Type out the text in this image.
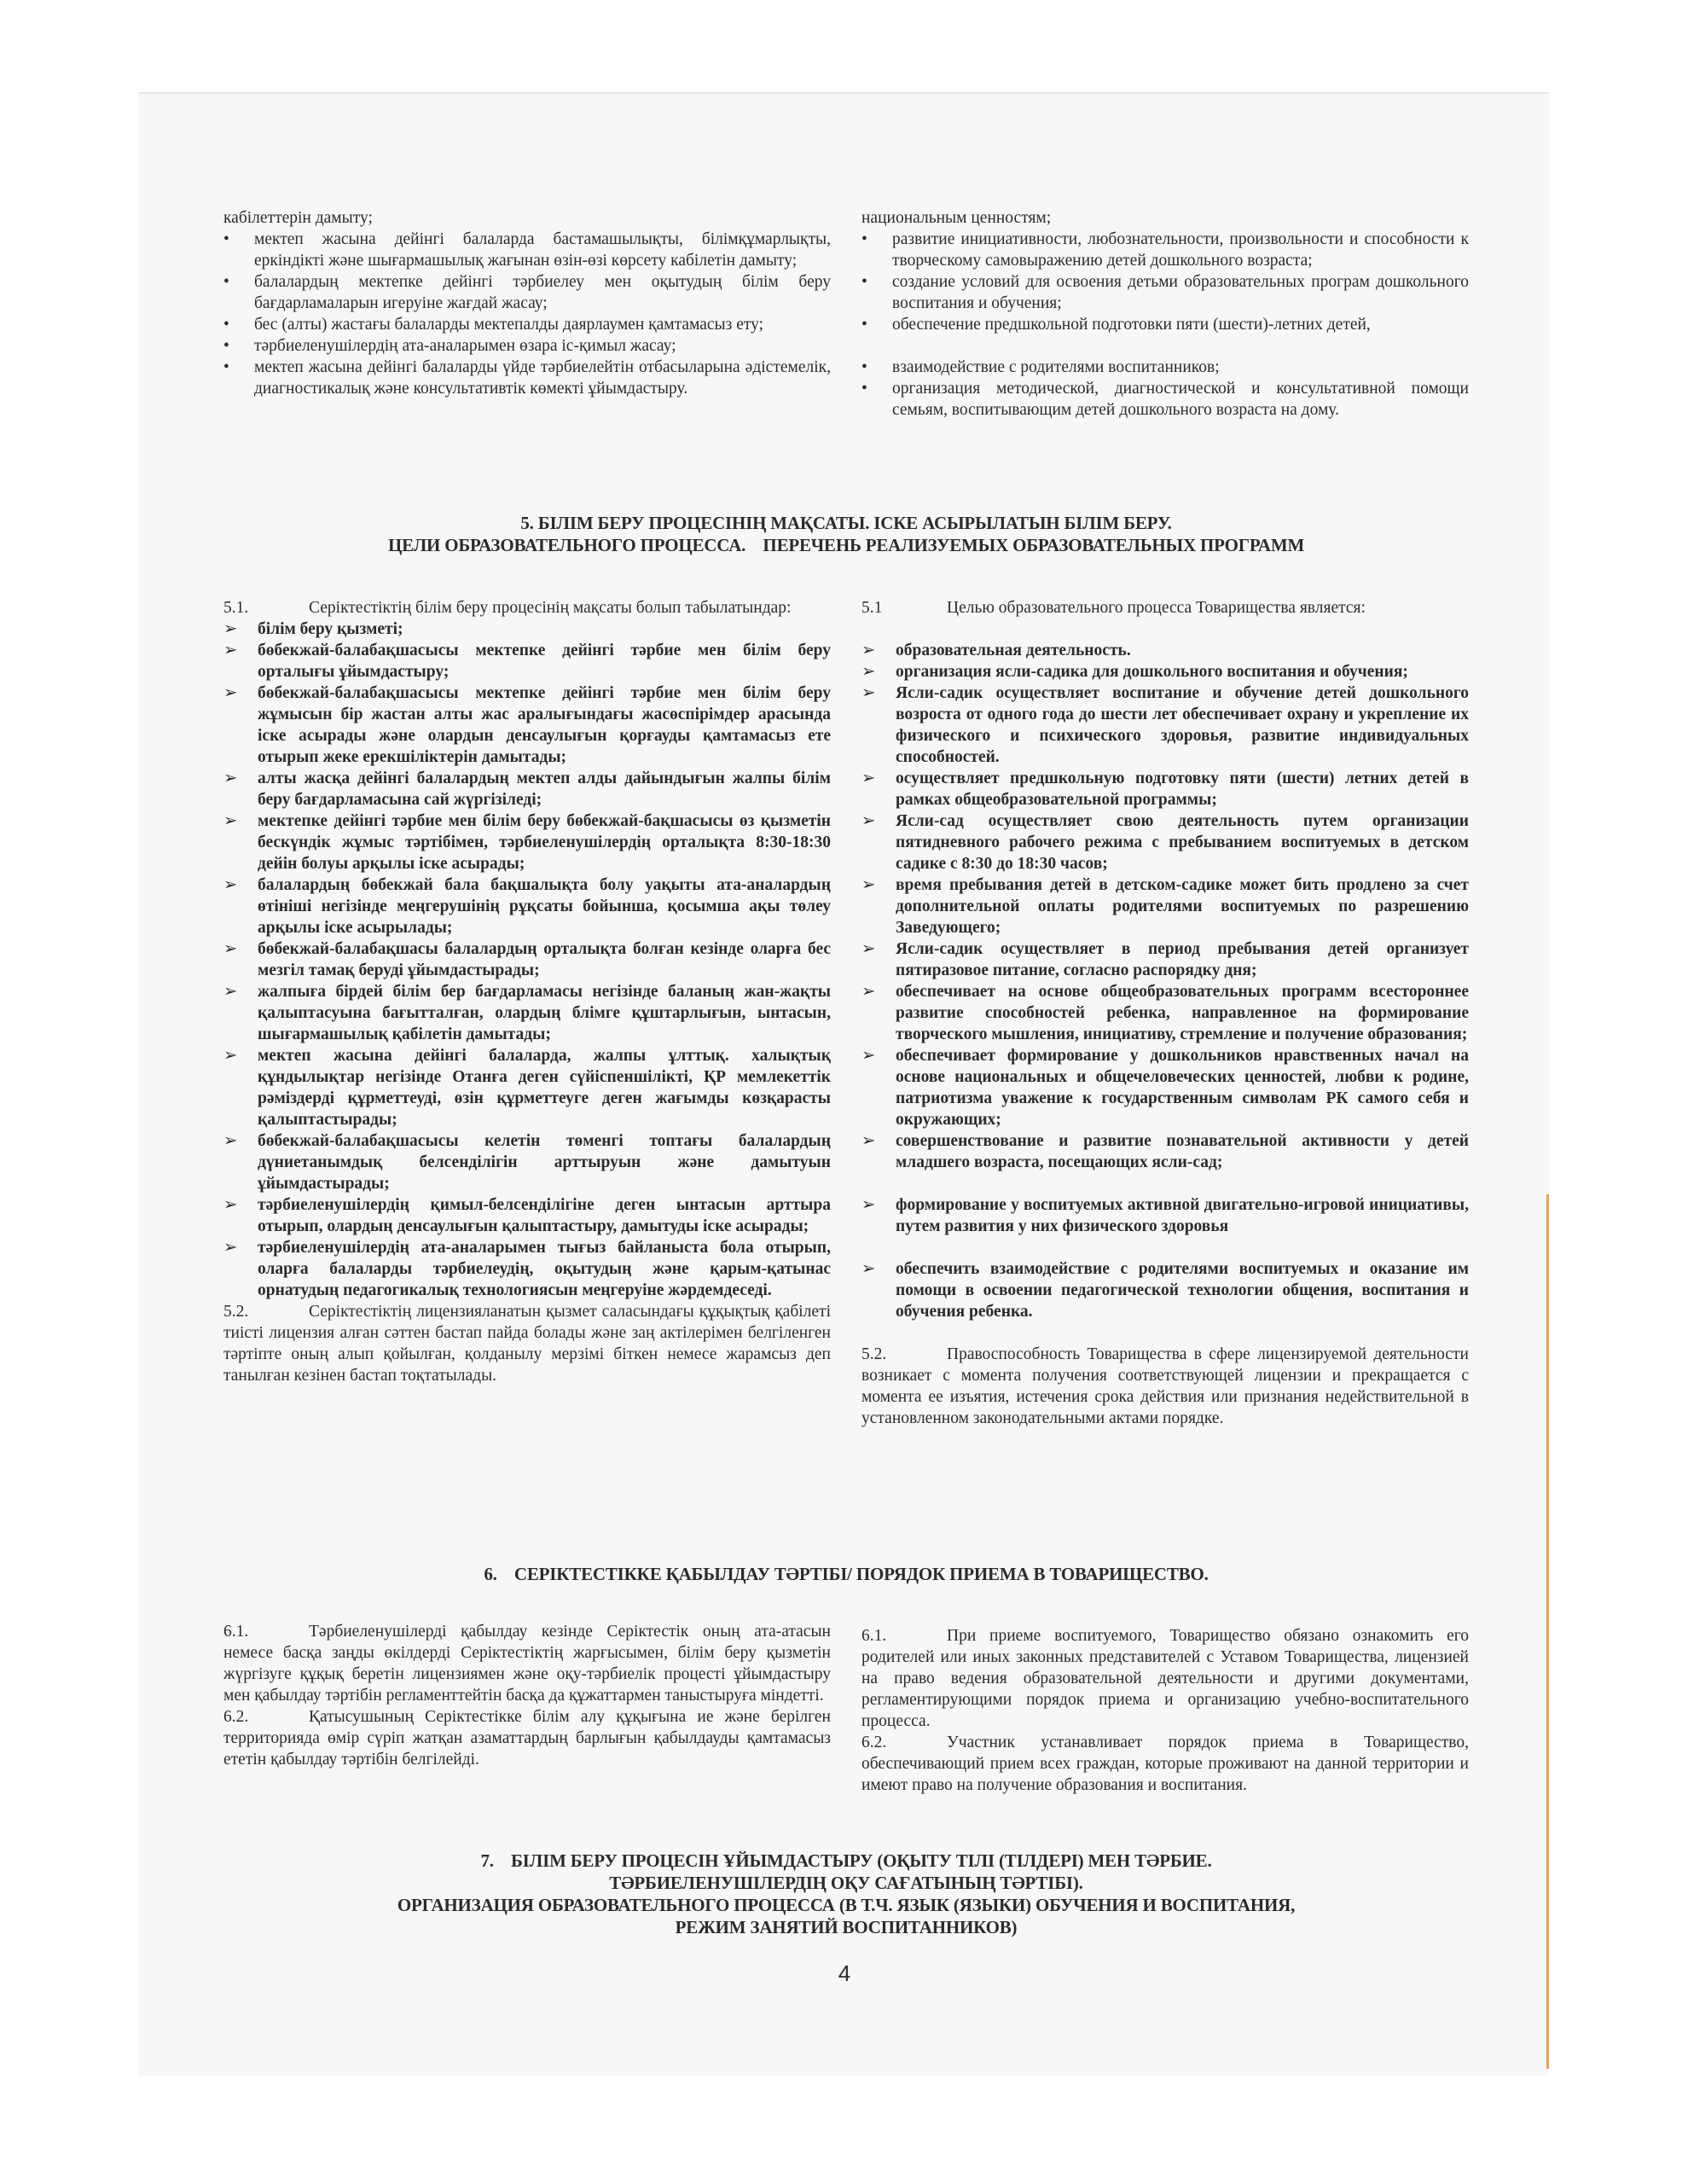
кабілеттерін дамыту;

• мектеп жасына дейінгі балаларда бастамашылықты, білімқұмарлықты, еркіндікті және шығармашылық жағынан өзін-өзі көрсету кабілетін дамыту;
• балалардың мектепке дейінгі тәрбиелеу мен оқытудың білім беру бағдарламаларын игеруіне жағдай жасау;
• бес (алты) жастағы балаларды мектепалды даярлаумен қамтамасыз ету;
• тәрбиеленушілердің ата-аналарымен өзара іс-қимыл жасау;
• мектеп жасына дейінгі балаларды үйде тәрбиелейтін отбасыларына әдістемелік, диагностикалық және консультативтік көмекті ұйымдастыру.

национальным ценностям;

• развитие инициативности, любознательности, произвольности и способности к творческому самовыражению детей дошкольного возраста;
• создание условий для освоения детьми образовательных програм дошкольного воспитания и обучения;
• обеспечение предшкольной подготовки пяти (шести)-летних детей,
• взаимодействие с родителями воспитанников;
• организация методической, диагностической и консультативной помощи семьям, воспитывающим детей дошкольного возраста на дому.

5. БІЛІМ БЕРУ ПРОЦЕСІНІҢ МАҚСАТЫ. ІСКЕ АСЫРЫЛАТЫН БІЛІМ БЕРУ.

ЦЕЛИ ОБРАЗОВАТЕЛЬНОГО ПРОЦЕССА.    ПЕРЕЧЕНЬ РЕАЛИЗУЕМЫХ ОБРАЗОВАТЕЛЬНЫХ ПРОГРАММ

5.1.	Серіктестіктің білім беру процесінің мақсаты болып табылатындар:

➢ білім беру қызметі;
➢ бөбекжай-балабақшасысы мектепке дейінгі тәрбие мен білім беру орталығы ұйымдастыру;
➢ бөбекжай-балабақшасысы мектепке дейінгі тәрбие мен білім беру жұмысын бір жастан алты жас аралығындағы жасөспірімдер арасында іске асырады және олардын денсаулығын қорғауды қамтамасыз ете отырып жеке ерекшіліктерін дамытады;
➢ алты жасқа дейінгі балалардың мектеп алды дайындығын жалпы білім беру бағдарламасына сай жүргізіледі;
➢ мектепке дейінгі тәрбие мен білім беру бөбекжай-бақшасысы өз қызметін бескүндік жұмыс тәртібімен, тәрбиеленушілердің орталықта 8:30-18:30 дейін болуы арқылы іске асырады;
➢ балалардың бөбекжай бала бақшалықта болу уақыты ата-аналардың өтініші негізінде меңгерушінің рұқсаты бойынша, қосымша ақы төлеу арқылы іске асырылады;
➢ бөбекжай-балабақшасы балалардың орталықта болған кезінде оларға бес мезгіл тамақ беруді ұйымдастырады;
➢ жалпыға бірдей білім бер бағдарламасы негізінде баланың жан-жақты қалыптасуына бағытталған, олардың блімге құштарлығын, ынтасын, шығармашылық қабілетін дамытады;
➢ мектеп жасына дейінгі балаларда, жалпы ұлттық. халықтық құндылықтар негізінде Отанға деген сүйіспеншілікті, ҚР мемлекеттік рәміздерді құрметтеуді, өзін құрметтеуге деген жағымды көзқарасты қалыптастырады;
➢ бөбекжай-балабақшасысы келетін төменгі топтағы балалардың дүниетанымдық белсенділігін арттыруын және дамытуын ұйымдастырады;
➢ тәрбиеленушілердің қимыл-белсенділігіне деген ынтасын арттыра отырып, олардың денсаулығын қалыптастыру, дамытуды іске асырады;
➢ тәрбиеленушілердің ата-аналарымен тығыз байланыста бола отырып, оларға балаларды тәрбиелеудің, оқытудың және қарым-қатынас орнатудың педагогикалық технологиясын меңгеруіне жәрдемдеседі.

5.2.	Серіктестіктің лицензияланатын қызмет саласындағы құқықтық қабілеті тиісті лицензия алған сәттен бастап пайда болады және заң актілерімен белгіленген тәртіпте оның алып қойылған, қолданылу мерзімі біткен немесе жарамсыз деп танылған кезінен бастап тоқтатылады.

5.1	Целью образовательного процесса Товарищества является:

➢ образовательная деятельность.
➢ организация ясли-садика для дошкольного воспитания и обучения;
➢ Ясли-садик осуществляет воспитание и обучение детей дошкольного возроста от одного года до шести лет обеспечивает охрану и укрепление их физического и психического здоровья, развитие индивидуальных способностей.
➢ осуществляет предшкольную подготовку пяти (шести) летних детей в рамках общеобразовательной программы;
➢ Ясли-сад осуществляет свою деятельность путем организации пятидневного рабочего режима с пребыванием воспитуемых в детском садике с 8:30 до 18:30 часов;
➢ время пребывания детей в детском-садике может бить продлено за счет дополнительной оплаты родителями воспитуемых по разрешению Заведующего;
➢ Ясли-садик осуществляет в период пребывания детей организует пятиразовое питание, согласно распорядку дня;
➢ обеспечивает на основе общеобразовательных программ всестороннее развитие способностей ребенка, направленное на формирование творческого мышления, инициативу, стремление и получение образования;
➢ обеспечивает формирование у дошкольников нравственных начал на основе национальных и общечеловеческих ценностей, любви к родине, патриотизма уважение к государственным символам РК самого себя и окружающих;
➢ совершенствование и развитие познавательной активности у детей младшего возраста, посещающих ясли-сад;
➢ формирование у воспитуемых активной двигательно-игровой инициативы, путем развития у них физического здоровья
➢ обеспечить взаимодействие с родителями воспитуемых и оказание им помощи в освоении педагогической технологии общения, воспитания и обучения ребенка.

5.2.	Правоспособность Товарищества в сфере лицензируемой деятельности возникает с момента получения соответствующей лицензии и прекращается с момента ее изъятия, истечения срока действия или признания недействительной в установленном законодательными актами порядке.

6.    СЕРІКТЕСТІККЕ ҚАБЫЛДАУ ТӘРТІБІ/ ПОРЯДОК ПРИЕМА В ТОВАРИЩЕСТВО.

6.1.	Тәрбиеленушілерді қабылдау кезінде Серіктестік оның ата-атасын немесе басқа заңды өкілдерді Серіктестіктің жарғысымен, білім беру қызметін жүргізуге құқық беретін лицензиямен және оқу-тәрбиелік процесті ұйымдастыру мен қабылдау тәртібін регламенттейтін басқа да құжаттармен таныстыруға міндетті.

6.2.	Қатысушының Серіктестікке білім алу құқығына ие және берілген территорияда өмір сүріп жатқан азаматтардың барлығын қабылдауды қамтамасыз ететін қабылдау тәртібін белгілейді.

6.1.	При приеме воспитуемого, Товарищество обязано ознакомить его родителей или иных законных представителей с Уставом Товарищества, лицензией на право ведения образовательной деятельности и другими документами, регламентирующими порядок приема и организацию учебно-воспитательного процесса.

6.2.	Участник устанавливает порядок приема в Товарищество, обеспечивающий прием всех граждан, которые проживают на данной территории и имеют право на получение образования и воспитания.

7.    БІЛІМ БЕРУ ПРОЦЕСІН ҰЙЫМДАСТЫРУ (ОҚЫТУ ТІЛІ (ТІЛДЕРІ) МЕН ТӘРБИЕ.

ТӘРБИЕЛЕНУШІЛЕРДІҢ ОҚУ САҒАТЫНЫҢ ТӘРТІБІ).

ОРГАНИЗАЦИЯ ОБРАЗОВАТЕЛЬНОГО ПРОЦЕССА (В Т.Ч. ЯЗЫК (ЯЗЫКИ) ОБУЧЕНИЯ И ВОСПИТАНИЯ,

РЕЖИМ ЗАНЯТИЙ ВОСПИТАННИКОВ)

4
